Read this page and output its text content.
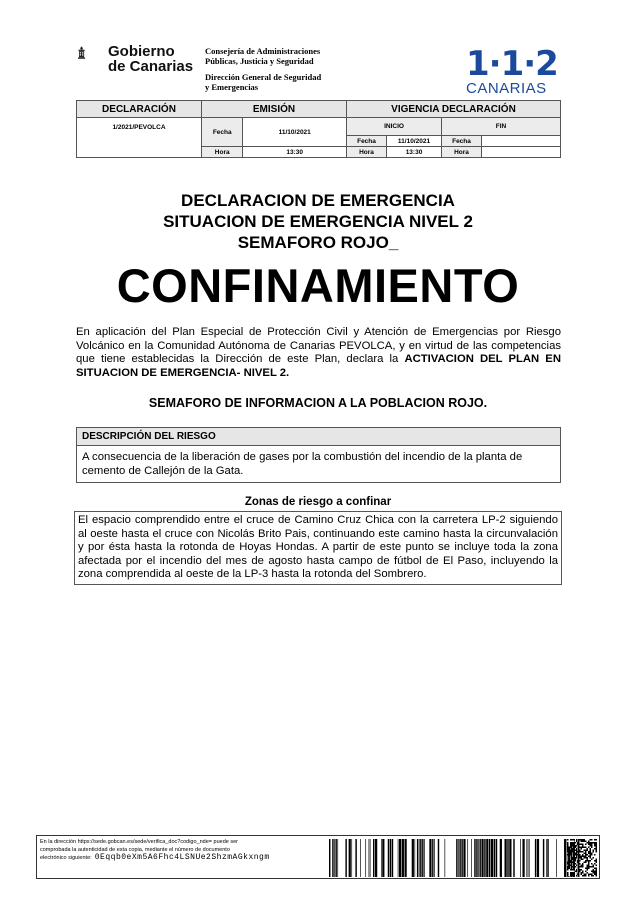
Gobierno
de Canarias
Consejería de Administraciones
Públicas, Justicia y Seguridad
Dirección General de Seguridad
y Emergencias
1·1·2
CANARIAS
DECLARACIÓN	EMISIÓN		VIGENCIA DECLARACIÓN			
1/2021/PEVOLCA	Fecha	11/10/2021	INICIO		FIN	
			Fecha	11/10/2021	Fecha	
	Hora	13:30	Hora	13:30	Hora	
DECLARACION DE EMERGENCIA
SITUACION DE EMERGENCIA NIVEL 2
SEMAFORO ROJO_
CONFINAMIENTO
En aplicación del Plan Especial de Protección Civil y Atención de Emergencias por Riesgo Volcánico en la Comunidad Autónoma de Canarias PEVOLCA, y en virtud de las competencias que tiene establecidas la Dirección de este Plan, declara la ACTIVACION DEL PLAN EN SITUACION DE EMERGENCIA- NIVEL 2.
SEMAFORO DE INFORMACION A LA POBLACION ROJO.
DESCRIPCIÓN DEL RIESGO
A consecuencia de la liberación de gases por la combustión del incendio de la planta de cemento de Callejón de la Gata.
Zonas de riesgo a confinar
El espacio comprendido entre el cruce de Camino Cruz Chica con la carretera LP-2 siguiendo al oeste hasta el cruce con Nicolás Brito Pais, continuando este camino hasta la circunvalación y por ésta hasta la rotonda de Hoyas Hondas. A partir de este punto se incluye toda la zona afectada por el incendio del mes de agosto hasta campo de fútbol de El Paso, incluyendo la zona comprendida al oeste de la LP-3 hasta la rotonda del Sombrero.
En la dirección https://sede.gobcan.es/sede/verifica_doc?codigo_nde= puede ser
comprobada la autenticidad de esta copia, mediante el número de documento
electrónico siguiente: 0Eqqb0eXm5A6Fhc4LSNUe2ShzmAGkxngm
